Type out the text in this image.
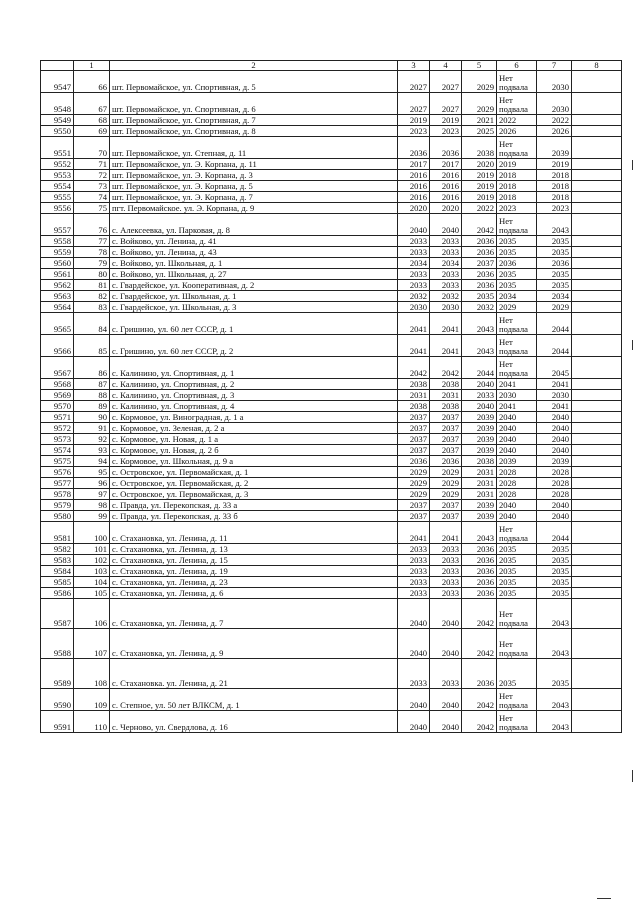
	1	2	3	4	5	6	7	8
9547	66	шт. Первомайское, ул. Спортивная, д. 5	2027	2027	2029	Нет подвала	2030	
9548	67	шт. Первомайское, ул. Спортивная, д. 6	2027	2027	2029	Нет подвала	2030	
9549	68	шт. Первомайское, ул. Спортивная, д. 7	2019	2019	2021	2022	2022	
9550	69	шт. Первомайское, ул. Спортивная, д. 8	2023	2023	2025	2026	2026	
9551	70	шт. Первомайское, ул. Степная, д. 11	2036	2036	2038	Нет подвала	2039	
9552	71	шт. Первомайское, ул. Э. Корпана, д. 11	2017	2017	2020	2019	2019	
9553	72	шт. Первомайское, ул. Э. Корпана, д. 3	2016	2016	2019	2018	2018	
9554	73	шт. Первомайское, ул. Э. Корпана, д. 5	2016	2016	2019	2018	2018	
9555	74	шт. Первомайское, ул. Э. Корпана, д. 7	2016	2016	2019	2018	2018	
9556	75	пгт. Первомайское. ул. Э. Корпана, д. 9	2020	2020	2022	2023	2023	
9557	76	с. Алексеевка, ул. Парковая, д. 8	2040	2040	2042	Нет подвала	2043	
9558	77	с. Войково, ул. Ленина, д. 41	2033	2033	2036	2035	2035	
9559	78	с. Войково, ул. Ленина, д. 43	2033	2033	2036	2035	2035	
9560	79	с. Войково, ул. Школьная, д. 1	2034	2034	2037	2036	2036	
9561	80	с. Войково, ул. Школьная, д. 27	2033	2033	2036	2035	2035	
9562	81	с. Гвардейское, ул. Кооперативная, д. 2	2033	2033	2036	2035	2035	
9563	82	с. Гвардейское, ул. Школьная, д. 1	2032	2032	2035	2034	2034	
9564	83	с. Гвардейское, ул. Школьная, д. 3	2030	2030	2032	2029	2029	
9565	84	с. Гришино, ул. 60 лет СССР, д. 1	2041	2041	2043	Нет подвала	2044	
9566	85	с. Гришино, ул. 60 лет СССР, д. 2	2041	2041	2043	Нет подвала	2044	
9567	86	с. Калинино, ул. Спортивная, д. 1	2042	2042	2044	Нет подвала	2045	
9568	87	с. Калинино, ул. Спортивная, д. 2	2038	2038	2040	2041	2041	
9569	88	с. Калинино, ул. Спортивная, д. 3	2031	2031	2033	2030	2030	
9570	89	с. Калинино, ул. Спортивная, д. 4	2038	2038	2040	2041	2041	
9571	90	с. Кормовое, ул. Виноградная, д. 1 а	2037	2037	2039	2040	2040	
9572	91	с. Кормовое, ул. Зеленая, д. 2 а	2037	2037	2039	2040	2040	
9573	92	с. Кормовое, ул. Новая, д. 1 а	2037	2037	2039	2040	2040	
9574	93	с. Кормовое, ул. Новая, д. 2 б	2037	2037	2039	2040	2040	
9575	94	с. Кормовое, ул. Школьная, д. 9 а	2036	2036	2038	2039	2039	
9576	95	с. Островское, ул. Первомайская, д. 1	2029	2029	2031	2028	2028	
9577	96	с. Островское, ул. Первомайская, д. 2	2029	2029	2031	2028	2028	
9578	97	с. Островское, ул. Первомайская, д. 3	2029	2029	2031	2028	2028	
9579	98	с. Правда, ул. Перекопская, д. 33 а	2037	2037	2039	2040	2040	
9580	99	с. Правда, ул. Перекопская, д. 33 б	2037	2037	2039	2040	2040	
9581	100	с. Стахановка, ул. Ленина, д. 11	2041	2041	2043	Нет подвала	2044	
9582	101	с. Стахановка, ул. Ленина, д. 13	2033	2033	2036	2035	2035	
9583	102	с. Стахановка, ул. Ленина, д. 15	2033	2033	2036	2035	2035	
9584	103	с. Стахановка, ул. Ленина, д. 19	2033	2033	2036	2035	2035	
9585	104	с. Стахановка, ул. Ленина, д. 23	2033	2033	2036	2035	2035	
9586	105	с. Стахановка, ул. Ленина, д. 6	2033	2033	2036	2035	2035	
9587	106	с. Стахановка, ул. Ленина, д. 7	2040	2040	2042	Нет подвала	2043	
9588	107	с. Стахановка, ул. Ленина, д. 9	2040	2040	2042	Нет подвала	2043	
9589	108	с. Стахановка. ул. Ленина, д. 21	2033	2033	2036	2035	2035	
9590	109	с. Степное, ул. 50 лет ВЛКСМ, д. 1	2040	2040	2042	Нет подвала	2043	
9591	110	с. Черново, ул. Свердлова, д. 16	2040	2040	2042	Нет подвала	2043	
